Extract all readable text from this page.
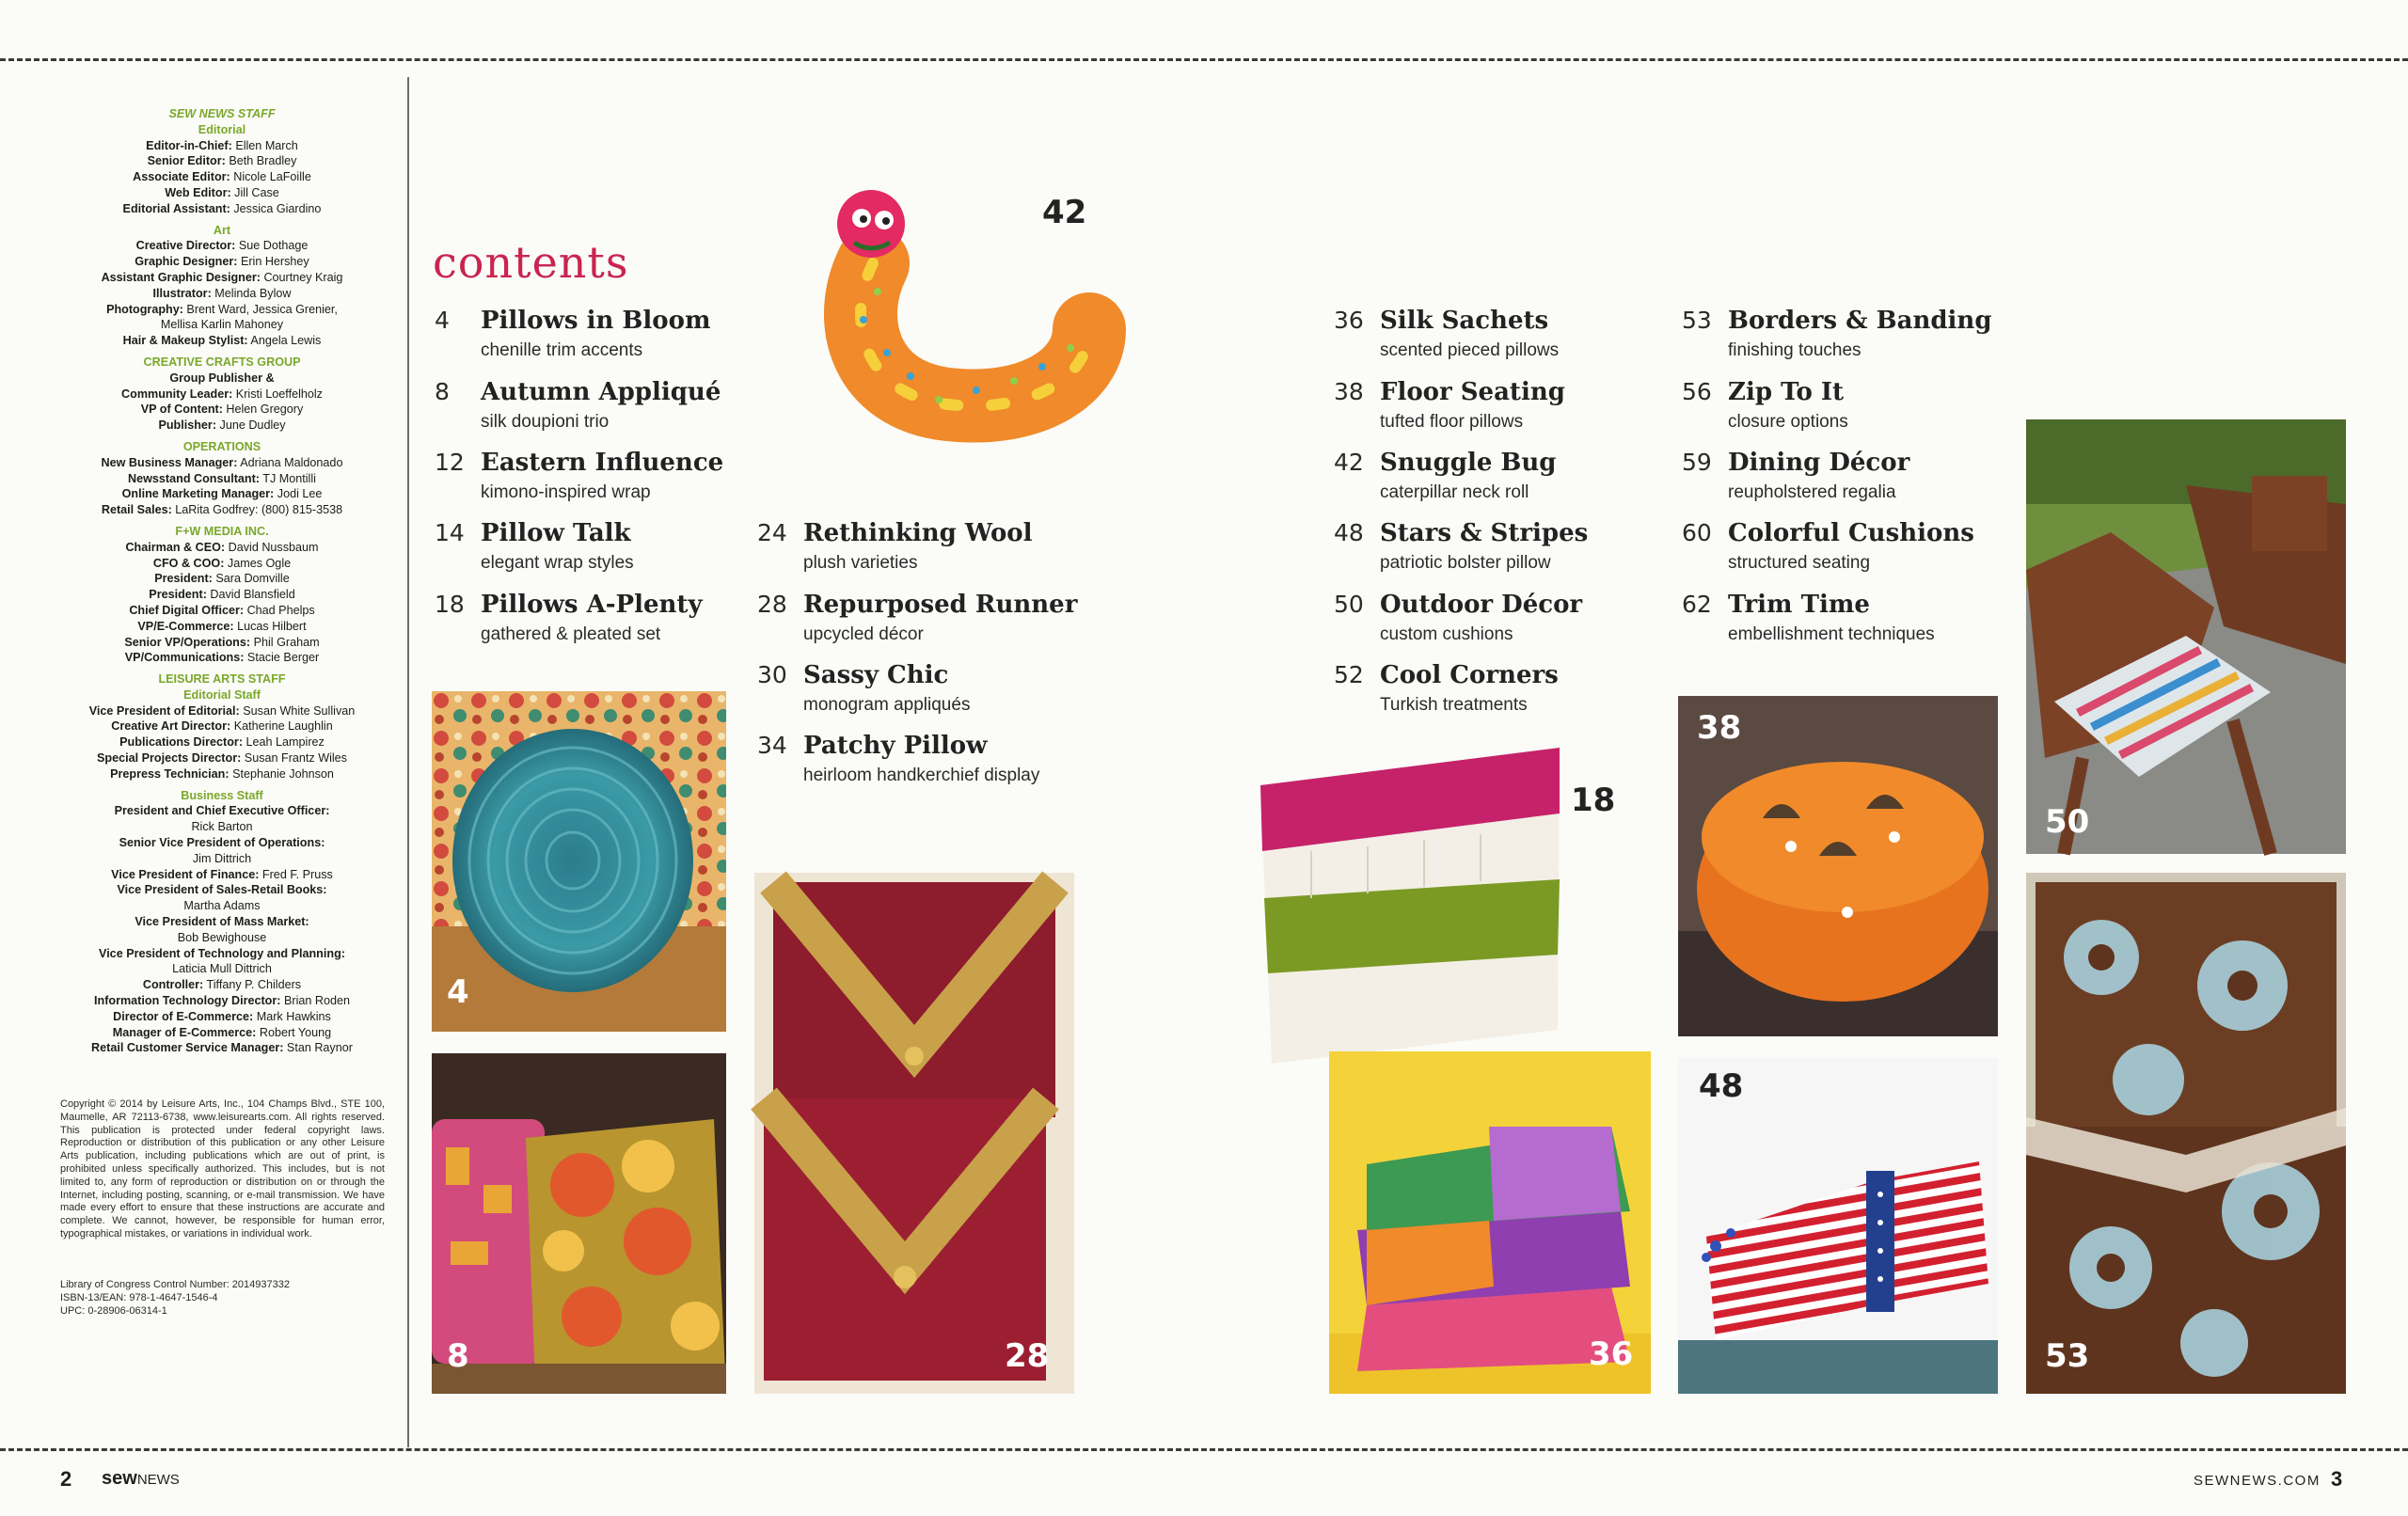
SEW NEWS STAFF
Editorial
Editor-in-Chief: Ellen March
Senior Editor: Beth Bradley
Associate Editor: Nicole LaFoille
Web Editor: Jill Case
Editorial Assistant: Jessica Giardino
Art
Creative Director: Sue Dothage
Graphic Designer: Erin Hershey
Assistant Graphic Designer: Courtney Kraig
Illustrator: Melinda Bylow
Photography: Brent Ward, Jessica Grenier,
Mellisa Karlin Mahoney
Hair & Makeup Stylist: Angela Lewis
CREATIVE CRAFTS GROUP
Group Publisher &
Community Leader: Kristi Loeffelholz
VP of Content: Helen Gregory
Publisher: June Dudley
OPERATIONS
New Business Manager: Adriana Maldonado
Newsstand Consultant: TJ Montilli
Online Marketing Manager: Jodi Lee
Retail Sales: LaRita Godfrey: (800) 815-3538
F+W MEDIA INC.
Chairman & CEO: David Nussbaum
CFO & COO: James Ogle
President: Sara Domville
President: David Blansfield
Chief Digital Officer: Chad Phelps
VP/E-Commerce: Lucas Hilbert
Senior VP/Operations: Phil Graham
VP/Communications: Stacie Berger
LEISURE ARTS STAFF
Editorial Staff
Vice President of Editorial: Susan White Sullivan
Creative Art Director: Katherine Laughlin
Publications Director: Leah Lampirez
Special Projects Director: Susan Frantz Wiles
Prepress Technician: Stephanie Johnson
Business Staff
President and Chief Executive Officer:
Rick Barton
Senior Vice President of Operations:
Jim Dittrich
Vice President of Finance: Fred F. Pruss
Vice President of Sales-Retail Books:
Martha Adams
Vice President of Mass Market:
Bob Bewighouse
Vice President of Technology and Planning:
Laticia Mull Dittrich
Controller: Tiffany P. Childers
Information Technology Director: Brian Roden
Director of E-Commerce: Mark Hawkins
Manager of E-Commerce: Robert Young
Retail Customer Service Manager: Stan Raynor
Copyright © 2014 by Leisure Arts, Inc., 104 Champs Blvd., STE 100, Maumelle, AR 72113-6738, www.leisurearts.com. All rights reserved. This publication is protected under federal copyright laws. Reproduction or distribution of this publication or any other Leisure Arts publication, including publications which are out of print, is prohibited unless specifically authorized. This includes, but is not limited to, any form of reproduction or distribution on or through the Internet, including posting, scanning, or e-mail transmission. We have made every effort to ensure that these instructions are accurate and complete. We cannot, however, be responsible for human error, typographical mistakes, or variations in individual work.
Library of Congress Control Number: 2014937332
ISBN-13/EAN: 978-1-4647-1546-4
UPC: 0-28906-06314-1
contents
4 Pillows in Bloom
chenille trim accents
8 Autumn Appliqué
silk doupioni trio
12 Eastern Influence
kimono-inspired wrap
14 Pillow Talk
elegant wrap styles
18 Pillows A-Plenty
gathered & pleated set
24 Rethinking Wool
plush varieties
28 Repurposed Runner
upcycled décor
30 Sassy Chic
monogram appliqués
34 Patchy Pillow
heirloom handkerchief display
36 Silk Sachets
scented pieced pillows
38 Floor Seating
tufted floor pillows
42 Snuggle Bug
caterpillar neck roll
48 Stars & Stripes
patriotic bolster pillow
50 Outdoor Décor
custom cushions
52 Cool Corners
Turkish treatments
53 Borders & Banding
finishing touches
56 Zip To It
closure options
59 Dining Décor
reupholstered regalia
60 Colorful Cushions
structured seating
62 Trim Time
embellishment techniques
4
8	28
42
18
36
38
48
50
53
2 sewNEWS	SEWNEWS.COM 3
